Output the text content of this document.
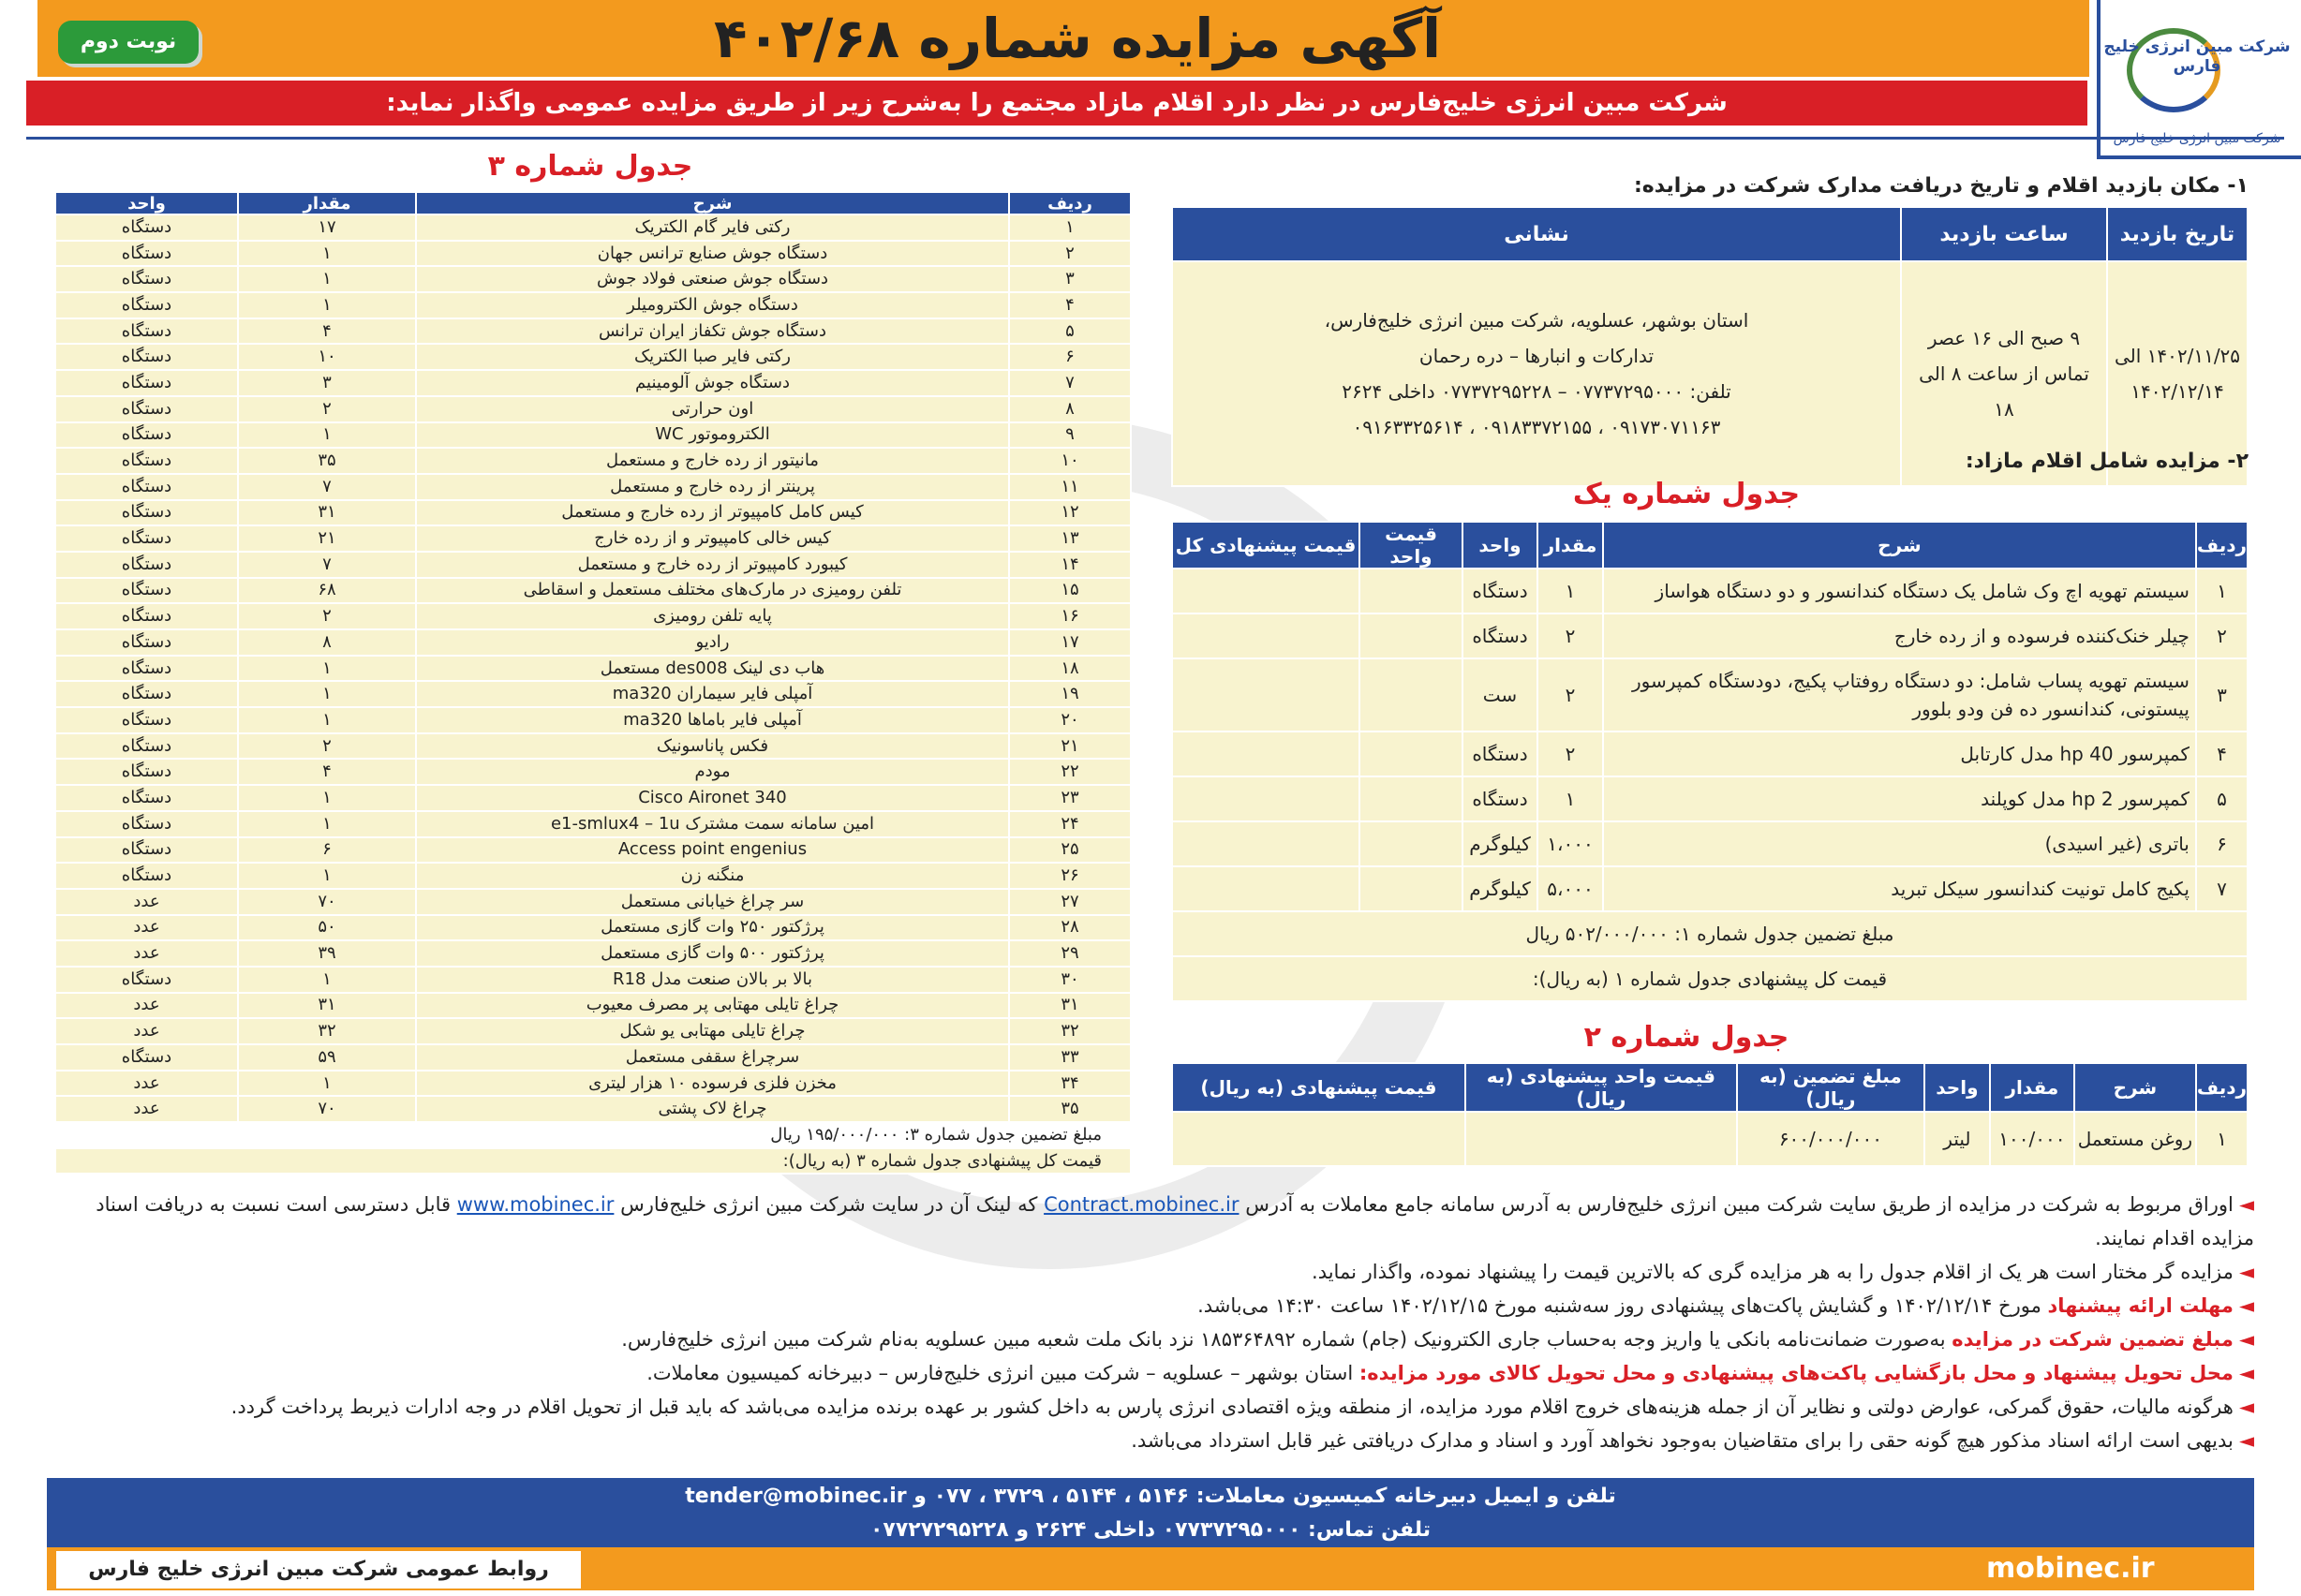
شرکت مبین انرژی خلیج فارس
آگهی مزایده شماره ۴۰۲/۶۸
نوبت دوم
شرکت مبین انرژی خلیج‌فارس در نظر دارد اقلام مازاد مجتمع را به‌شرح زیر از طریق مزایده عمومی واگذار نماید:
۱- مکان بازدید اقلام و تاریخ دریافت مدارک شرکت در مزایده:
تاریخ بازدید	ساعت بازدید	نشانی
۱۴۰۲/۱۱/۲۵ الی ۱۴۰۲/۱۲/۱۴	۹ صبح الی ۱۶ عصر تماس از ساعت ۸ الی ۱۸	استان بوشهر، عسلویه، شرکت مبین انرژی خلیج‌فارس،
تدارکات و انبارها – دره رحمان
تلفن: ۰۷۷۳۷۲۹۵۰۰۰ – ۰۷۷۳۷۲۹۵۲۲۸ داخلی ۲۶۲۴
۰۹۱۷۳۰۷۱۱۶۳ ، ۰۹۱۸۳۳۷۲۱۵۵ ، ۰۹۱۶۳۳۲۵۶۱۴
۲- مزایده شامل اقلام مازاد:
جدول شماره یک
ردیف	شرح	مقدار	واحد	قیمت واحد	قیمت پیشنهادی کل
۱	سیستم تهویه اچ وک شامل یک دستگاه کندانسور و دو دستگاه هواساز	۱	دستگاه		
۲	چیلر خنک‌کننده فرسوده و از رده خارج	۲	دستگاه		
۳	سیستم تهویه پساب شامل: دو دستگاه روفتاپ پکیج، دودستگاه کمپرسور پیستونی، کندانسور ده فن ودو بلوور	۲	ست		
۴	کمپرسور hp 40 مدل کارتابل	۲	دستگاه		
۵	کمپرسور hp 2 مدل کوپلند	۱	دستگاه		
۶	باتری (غیر اسیدی)	۱،۰۰۰	کیلوگرم		
۷	پکیج کامل تونیت کندانسور سیکل تبرید	۵،۰۰۰	کیلوگرم		
مبلغ تضمین جدول شماره ۱: ۵۰۲/۰۰۰/۰۰۰ ریال					
قیمت کل پیشنهادی جدول شماره ۱ (به ریال):					
جدول شماره ۲
ردیف	شرح	مقدار	واحد	مبلغ تضمین (به ریال)	قیمت واحد پیشنهادی (به ریال)	قیمت پیشنهادی (به ریال)
۱	روغن مستعمل	۱۰۰/۰۰۰	لیتر	۶۰۰/۰۰۰/۰۰۰		
جدول شماره ۳
ردیف	شرح	مقدار	واحد
۱	رکتی فایر گام الکتریک	۱۷	دستگاه
۲	دستگاه جوش صنایع ترانس جهان	۱	دستگاه
۳	دستگاه جوش صنعتی فولاد جوش	۱	دستگاه
۴	دستگاه جوش الکترومیلر	۱	دستگاه
۵	دستگاه جوش تکفاز ایران ترانس	۴	دستگاه
۶	رکتی فایر صبا الکتریک	۱۰	دستگاه
۷	دستگاه جوش آلومینیم	۳	دستگاه
۸	اون حرارتی	۲	دستگاه
۹	الکتروموتور WC	۱	دستگاه
۱۰	مانیتور از رده خارج و مستعمل	۳۵	دستگاه
۱۱	پرینتر از رده خارج و مستعمل	۷	دستگاه
۱۲	کیس کامل کامپیوتر از رده خارج و مستعمل	۳۱	دستگاه
۱۳	کیس خالی کامپیوتر و از رده خارج	۲۱	دستگاه
۱۴	کیبورد کامپیوتر از رده خارج و مستعمل	۷	دستگاه
۱۵	تلفن رومیزی در مارک‌های مختلف مستعمل و اسقاطی	۶۸	دستگاه
۱۶	پایه تلفن رومیزی	۲	دستگاه
۱۷	رادیو	۸	دستگاه
۱۸	هاب دی لینک des008 مستعمل	۱	دستگاه
۱۹	آمپلی فایر سیماران ma320	۱	دستگاه
۲۰	آمپلی فایر باماها ma320	۱	دستگاه
۲۱	فکس پاناسونیک	۲	دستگاه
۲۲	مودم	۴	دستگاه
۲۳	Cisco Aironet 340	۱	دستگاه
۲۴	امین سامانه سمت مشترک e1-smlux4 – 1u	۱	دستگاه
۲۵	Access point engenius	۶	دستگاه
۲۶	منگنه زن	۱	دستگاه
۲۷	سر چراغ خیابانی مستعمل	۷۰	عدد
۲۸	پرژکتور ۲۵۰ وات گازی مستعمل	۵۰	عدد
۲۹	پرژکتور ۵۰۰ وات گازی مستعمل	۳۹	عدد
۳۰	بالا بر بالان صنعت مدل R18	۱	دستگاه
۳۱	چراغ تایلی مهتابی پر مصرف معیوب	۳۱	عدد
۳۲	چراغ تایلی مهتابی یو شکل	۳۲	عدد
۳۳	سرچراغ سقفی مستعمل	۵۹	دستگاه
۳۴	مخزن فلزی فرسوده ۱۰ هزار لیتری	۱	عدد
۳۵	چراغ لاک پشتی	۷۰	عدد
مبلغ تضمین جدول شماره ۳: ۱۹۵/۰۰۰/۰۰۰ ریال			
قیمت کل پیشنهادی جدول شماره ۳ (به ریال):			
◄اوراق مربوط به شرکت در مزایده از طریق سایت شرکت مبین انرژی خلیج‌فارس به آدرس سامانه جامع معاملات به آدرس Contract.mobinec.ir که لینک آن در سایت شرکت مبین انرژی خلیج‌فارس www.mobinec.ir قابل دسترسی است نسبت به دریافت اسناد مزایده اقدام نمایند.
◄مزایده گر مختار است هر یک از اقلام جدول را به هر مزایده گری که بالاترین قیمت را پیشنهاد نموده، واگذار نماید.
◄مهلت ارائه پیشنهاد مورخ ۱۴۰۲/۱۲/۱۴ و گشایش پاکت‌های پیشنهادی روز سه‌شنبه مورخ ۱۴۰۲/۱۲/۱۵ ساعت ۱۴:۳۰ می‌باشد.
◄مبلغ تضمین شرکت در مزایده به‌صورت ضمانت‌نامه بانکی یا واریز وجه به‌حساب جاری الکترونیک (جام) شماره ۱۸۵۳۶۴۸۹۲ نزد بانک ملت شعبه مبین عسلویه به‌نام شرکت مبین انرژی خلیج‌فارس.
◄محل تحویل پیشنهاد و محل بازگشایی پاکت‌های پیشنهادی و محل تحویل کالای مورد مزایده: استان بوشهر – عسلویه – شرکت مبین انرژی خلیج‌فارس – دبیرخانه کمیسیون معاملات.
◄هرگونه مالیات، حقوق گمرکی، عوارض دولتی و نظایر آن از جمله هزینه‌های خروج اقلام مورد مزایده، از منطقه ویژه اقتصادی انرژی پارس به داخل کشور بر عهده برنده مزایده می‌باشد که باید قبل از تحویل اقلام در وجه ادارات ذیربط پرداخت گردد.
◄بدیهی است ارائه اسناد مذکور هیچ گونه حقی را برای متقاضیان به‌وجود نخواهد آورد و اسناد و مدارک دریافتی غیر قابل استرداد می‌باشد.
تلفن و ایمیل دبیرخانه کمیسیون معاملات: ۵۱۴۶ ، ۵۱۴۴ ، ۳۷۲۹ ، ۰۷۷ و tender@mobinec.ir
تلفن تماس: ۰۷۷۳۷۲۹۵۰۰۰ داخلی ۲۶۲۴ و ۰۷۷۲۷۲۹۵۲۲۸
روابط عمومی شرکت مبین انرژی خلیج فارس	mobinec.ir
